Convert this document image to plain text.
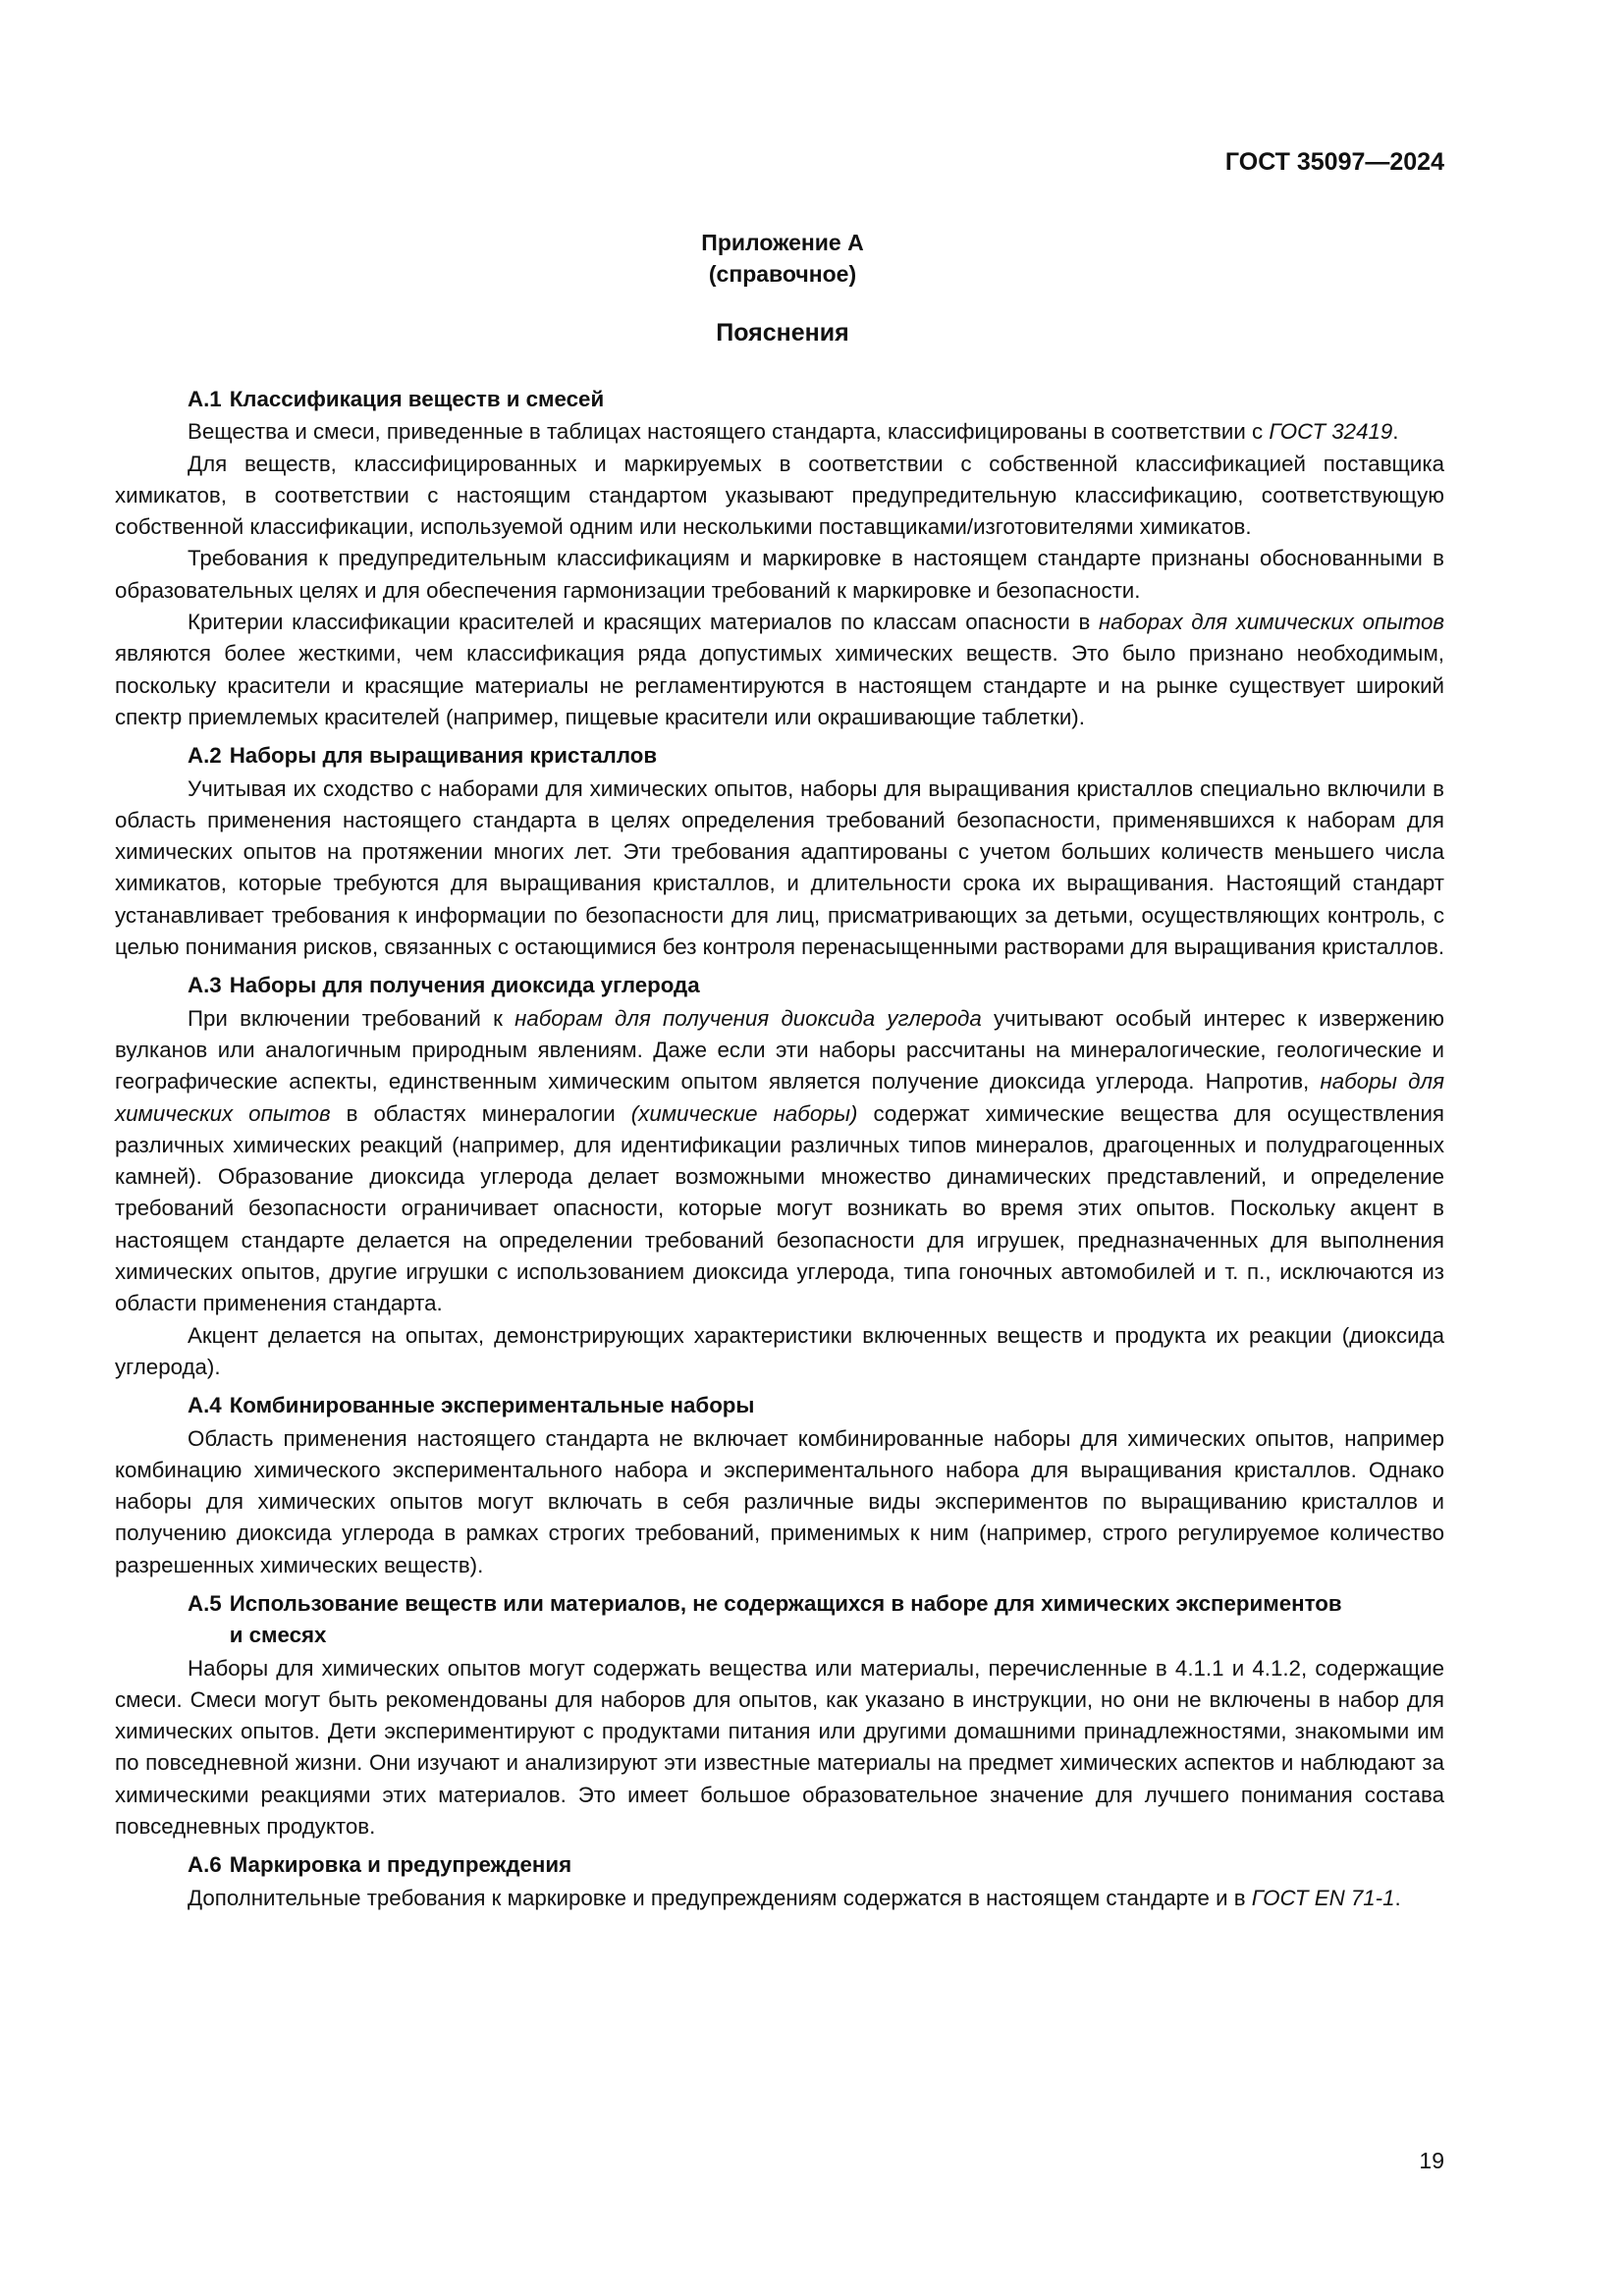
ГОСТ 35097—2024

Приложение А
(справочное)
Пояснения
А.1 Классификация веществ и смесей

Вещества и смеси, приведенные в таблицах настоящего стандарта, классифицированы в соответствии с ГОСТ 32419.

Для веществ, классифицированных и маркируемых в соответствии с собственной классификацией поставщика химикатов, в соответствии с настоящим стандартом указывают предупредительную классификацию, соответствующую собственной классификации, используемой одним или несколькими поставщиками/изготовителями химикатов.

Требования к предупредительным классификациям и маркировке в настоящем стандарте признаны обоснованными в образовательных целях и для обеспечения гармонизации требований к маркировке и безопасности.

Критерии классификации красителей и красящих материалов по классам опасности в наборах для химических опытов являются более жесткими, чем классификация ряда допустимых химических веществ. Это было признано необходимым, поскольку красители и красящие материалы не регламентируются в настоящем стандарте и на рынке существует широкий спектр приемлемых красителей (например, пищевые красители или окрашивающие таблетки).

А.2 Наборы для выращивания кристаллов

Учитывая их сходство с наборами для химических опытов, наборы для выращивания кристаллов специально включили в область применения настоящего стандарта в целях определения требований безопасности, применявшихся к наборам для химических опытов на протяжении многих лет. Эти требования адаптированы с учетом больших количеств меньшего числа химикатов, которые требуются для выращивания кристаллов, и длительности срока их выращивания. Настоящий стандарт устанавливает требования к информации по безопасности для лиц, присматривающих за детьми, осуществляющих контроль, с целью понимания рисков, связанных с остающимися без контроля перенасыщенными растворами для выращивания кристаллов.

А.3 Наборы для получения диоксида углерода

При включении требований к наборам для получения диоксида углерода учитывают особый интерес к извержению вулканов или аналогичным природным явлениям. Даже если эти наборы рассчитаны на минералогические, геологические и географические аспекты, единственным химическим опытом является получение диоксида углерода. Напротив, наборы для химических опытов в областях минералогии (химические наборы) содержат химические вещества для осуществления различных химических реакций (например, для идентификации различных типов минералов, драгоценных и полудрагоценных камней). Образование диоксида углерода делает возможными множество динамических представлений, и определение требований безопасности ограничивает опасности, которые могут возникать во время этих опытов. Поскольку акцент в настоящем стандарте делается на определении требований безопасности для игрушек, предназначенных для выполнения химических опытов, другие игрушки с использованием диоксида углерода, типа гоночных автомобилей и т. п., исключаются из области применения стандарта.

Акцент делается на опытах, демонстрирующих характеристики включенных веществ и продукта их реакции (диоксида углерода).

А.4 Комбинированные экспериментальные наборы

Область применения настоящего стандарта не включает комбинированные наборы для химических опытов, например комбинацию химического экспериментального набора и экспериментального набора для выращивания кристаллов. Однако наборы для химических опытов могут включать в себя различные виды экспериментов по выращиванию кристаллов и получению диоксида углерода в рамках строгих требований, применимых к ним (например, строго регулируемое количество разрешенных химических веществ).

А.5 Использование веществ или материалов, не содержащихся в наборе для химических экспериментов и смесях

Наборы для химических опытов могут содержать вещества или материалы, перечисленные в 4.1.1 и 4.1.2, содержащие смеси. Смеси могут быть рекомендованы для наборов для опытов, как указано в инструкции, но они не включены в набор для химических опытов. Дети экспериментируют с продуктами питания или другими домашними принадлежностями, знакомыми им по повседневной жизни. Они изучают и анализируют эти известные материалы на предмет химических аспектов и наблюдают за химическими реакциями этих материалов. Это имеет большое образовательное значение для лучшего понимания состава повседневных продуктов.

А.6 Маркировка и предупреждения

Дополнительные требования к маркировке и предупреждениям содержатся в настоящем стандарте и в ГОСТ EN 71-1.

19
